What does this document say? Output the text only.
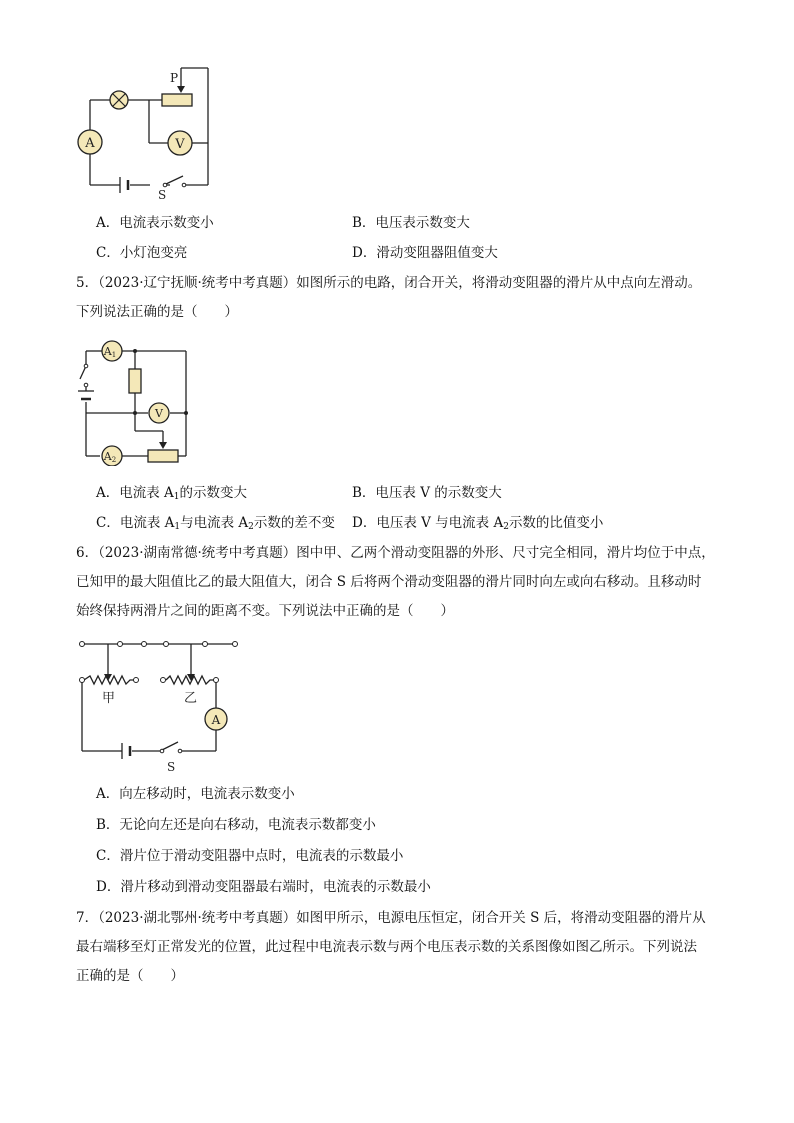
A	V
P
S
A．电流表示数变小	B．电压表示数变大
C．小灯泡变亮	D．滑动变阻器阻值变大
5．（2023·辽宁抚顺·统考中考真题）如图所示的电路，闭合开关，将滑动变阻器的滑片从中点向左滑动。
下列说法正确的是（　　）
A1
V
A2
A．电流表 $A_1$的示数变大	B．电压表 V 的示数变大
C．电流表 $A_1$与电流表 $A_2$示数的差不变 D．电压表 V 与电流表 $A_2$示数的比值变小
6．（2023·湖南常德·统考中考真题）图中甲、乙两个滑动变阻器的外形、尺寸完全相同，滑片均位于中点，
已知甲的最大阻值比乙的最大阻值大，闭合 S 后将两个滑动变阻器的滑片同时向左或向右移动。且移动时
始终保持两滑片之间的距离不变。下列说法中正确的是（　　）
A
甲	乙
S
A．向左移动时，电流表示数变小
B．无论向左还是向右移动，电流表示数都变小
C．滑片位于滑动变阻器中点时，电流表的示数最小
D．滑片移动到滑动变阻器最右端时，电流表的示数最小
7．（2023·湖北鄂州·统考中考真题）如图甲所示，电源电压恒定，闭合开关 S 后，将滑动变阻器的滑片从
最右端移至灯正常发光的位置，此过程中电流表示数与两个电压表示数的关系图像如图乙所示。下列说法
正确的是（　　）
